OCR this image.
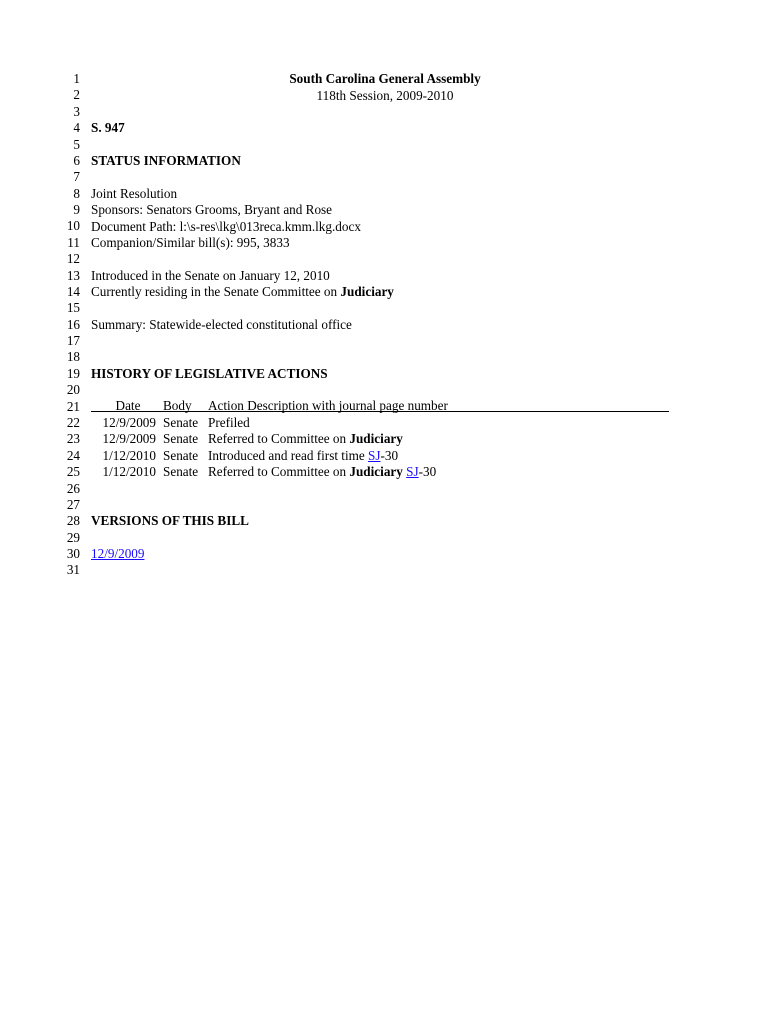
1
2
3
4
5
6
7
8
9
10
11
12
13
14
15
16
17
18
19
20
21
22
23
24
25
26
27
28
29
30
31
South Carolina General Assembly
118th Session, 2009-2010
S. 947
STATUS INFORMATION
Joint Resolution
Sponsors: Senators Grooms, Bryant and Rose
Document Path: l:\s-res\lkg\013reca.kmm.lkg.docx
Companion/Similar bill(s): 995, 3833
Introduced in the Senate on January 12, 2010
Currently residing in the Senate Committee on Judiciary
Summary: Statewide-elected constitutional office
HISTORY OF LEGISLATIVE ACTIONS
Date	Body Action Description with journal page number
12/9/2009 Senate Prefiled
12/9/2009 Senate Referred to Committee on Judiciary
1/12/2010 Senate Introduced and read first time SJ-30
1/12/2010 Senate Referred to Committee on Judiciary SJ-30
VERSIONS OF THIS BILL
12/9/2009
